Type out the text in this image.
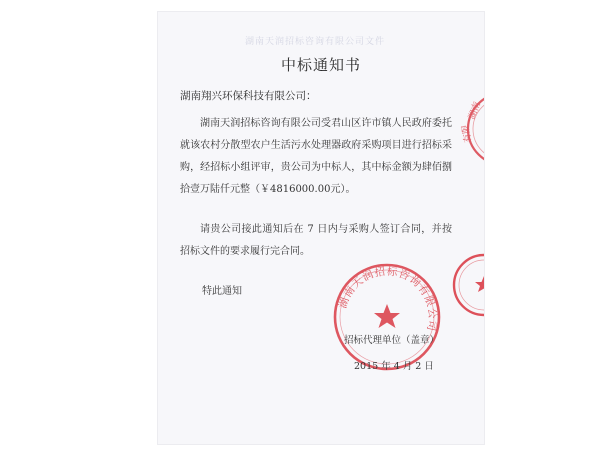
湖南天润招标咨询有限公司文件
中标通知书
湖南翔兴环保科技有限公司：
湖南天润招标咨询有限公司受君山区许市镇人民政府委托就该农村分散型农户生活污水处理器政府采购项目进行招标采购，经招标小组评审，贵公司为中标人，其中标金额为肆佰捌拾壹万陆仟元整（￥4816000.00元）。
请贵公司接此通知后在 7 日内与采购人签订合同，并按招标文件的要求履行完合同。
特此通知
湖南
有限
湖南天润招标咨询有限公司
招标代理单位（盖章）
2015 年 4 月 2 日
